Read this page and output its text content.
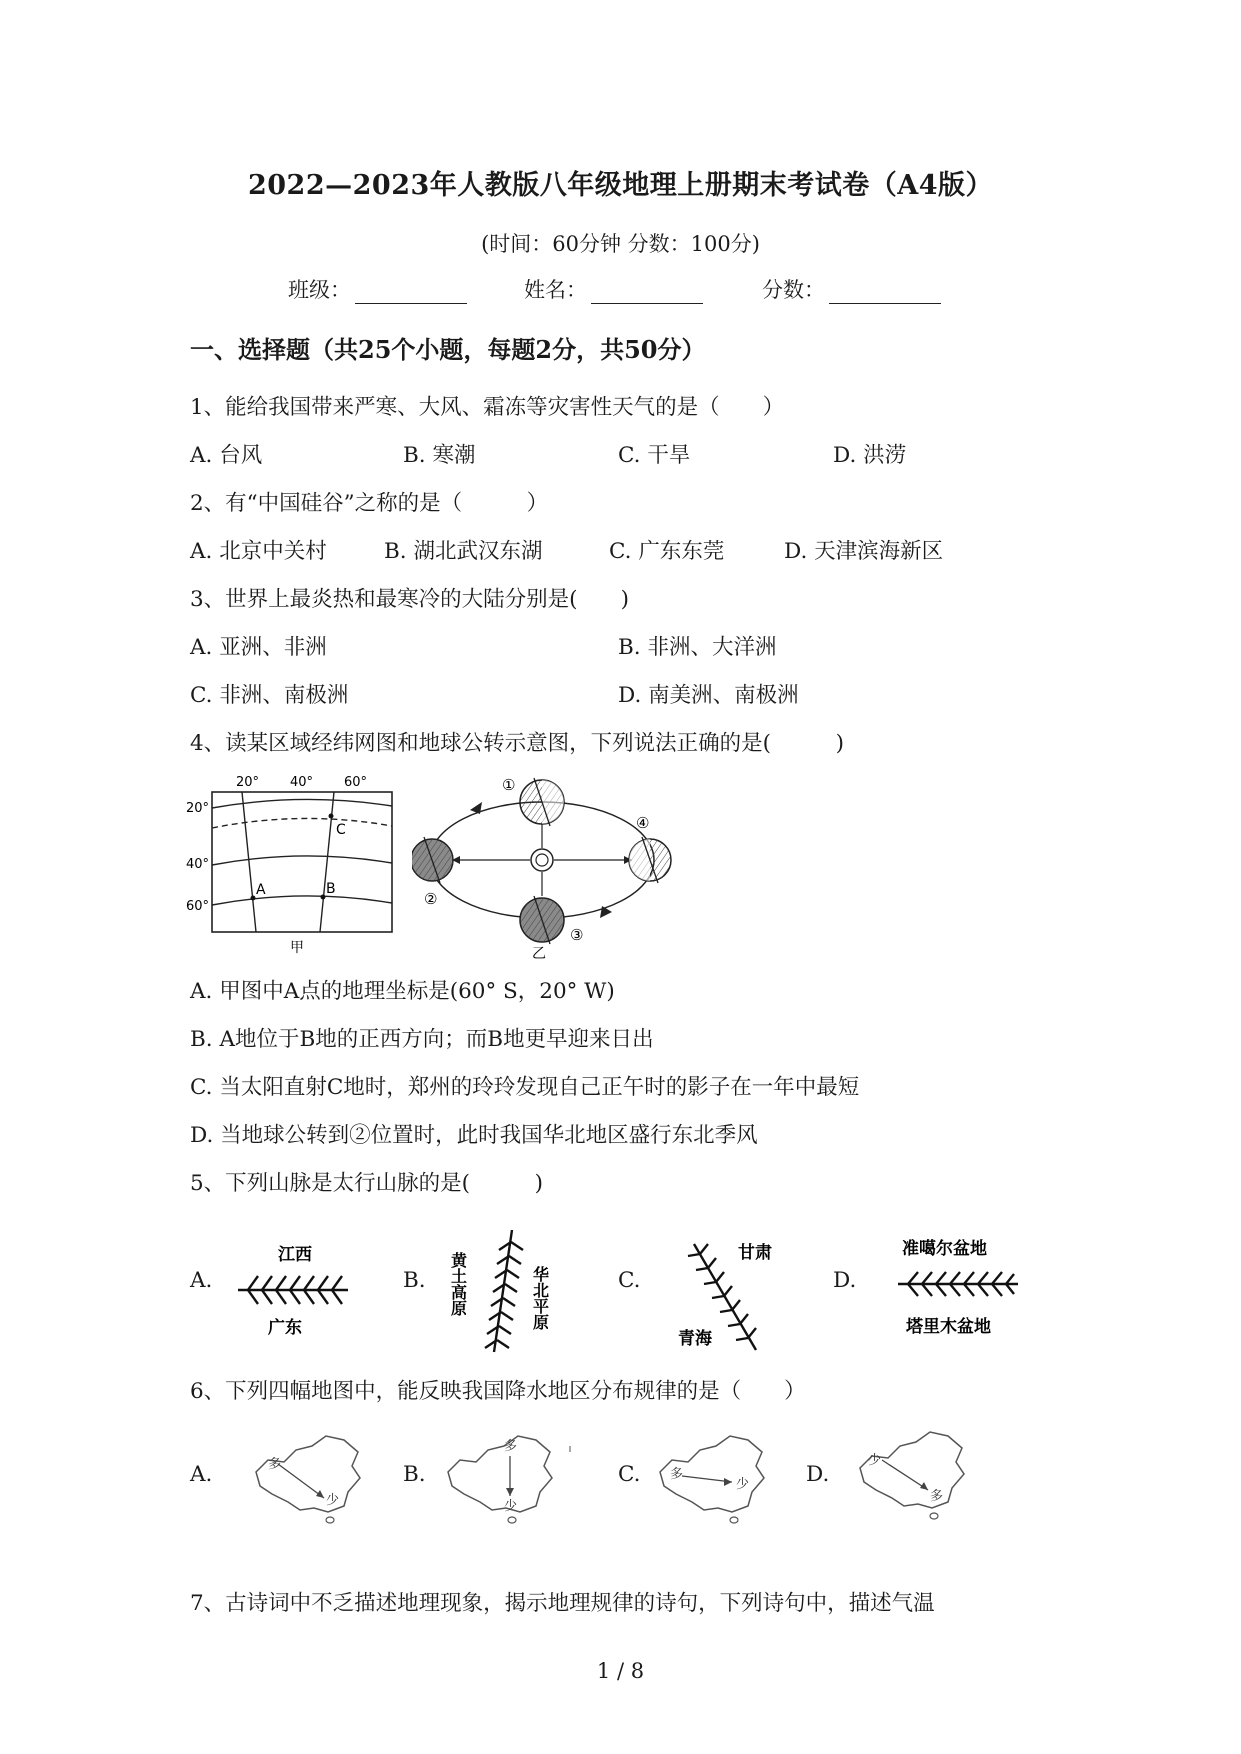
2022—2023年人教版八年级地理上册期末考试卷（A4版）
(时间：60分钟 分数：100分)
班级：	姓名：	分数：
一、选择题（共25个小题，每题2分，共50分）
1、能给我国带来严寒、大风、霜冻等灾害性天气的是（　　）
A. 台风	B. 寒潮	C. 干旱	D. 洪涝
2、有“中国硅谷”之称的是（　　　）
A. 北京中关村	B. 湖北武汉东湖	C. 广东东莞	D. 天津滨海新区
3、世界上最炎热和最寒冷的大陆分别是(　　)
A. 亚洲、非洲	B. 非洲、大洋洲
C. 非洲、南极洲	D. 南美洲、南极洲
4、读某区域经纬网图和地球公转示意图，下列说法正确的是(　　　)
A	B
C
20° 40° 60°
20°
40°
60°
甲
①
②
③
④
乙
A. 甲图中A点的地理坐标是(60° S，20° W)
B. A地位于B地的正西方向；而B地更早迎来日出
C. 当太阳直射C地时，郑州的玲玲发现自己正午时的影子在一年中最短
D. 当地球公转到②位置时，此时我国华北地区盛行东北季风
5、下列山脉是太行山脉的是(　　　)
A.
江西
广东
B. 黄土高原	华北平原	C.
甘肃
青海
D.
准噶尔盆地
塔里木盆地
6、下列四幅地图中，能反映我国降水地区分布规律的是（　　）
A.	多
少
B.
多
少
C. 多
少	D.
少
多
7、古诗词中不乏描述地理现象，揭示地理规律的诗句，下列诗句中，描述气温
1 / 8
